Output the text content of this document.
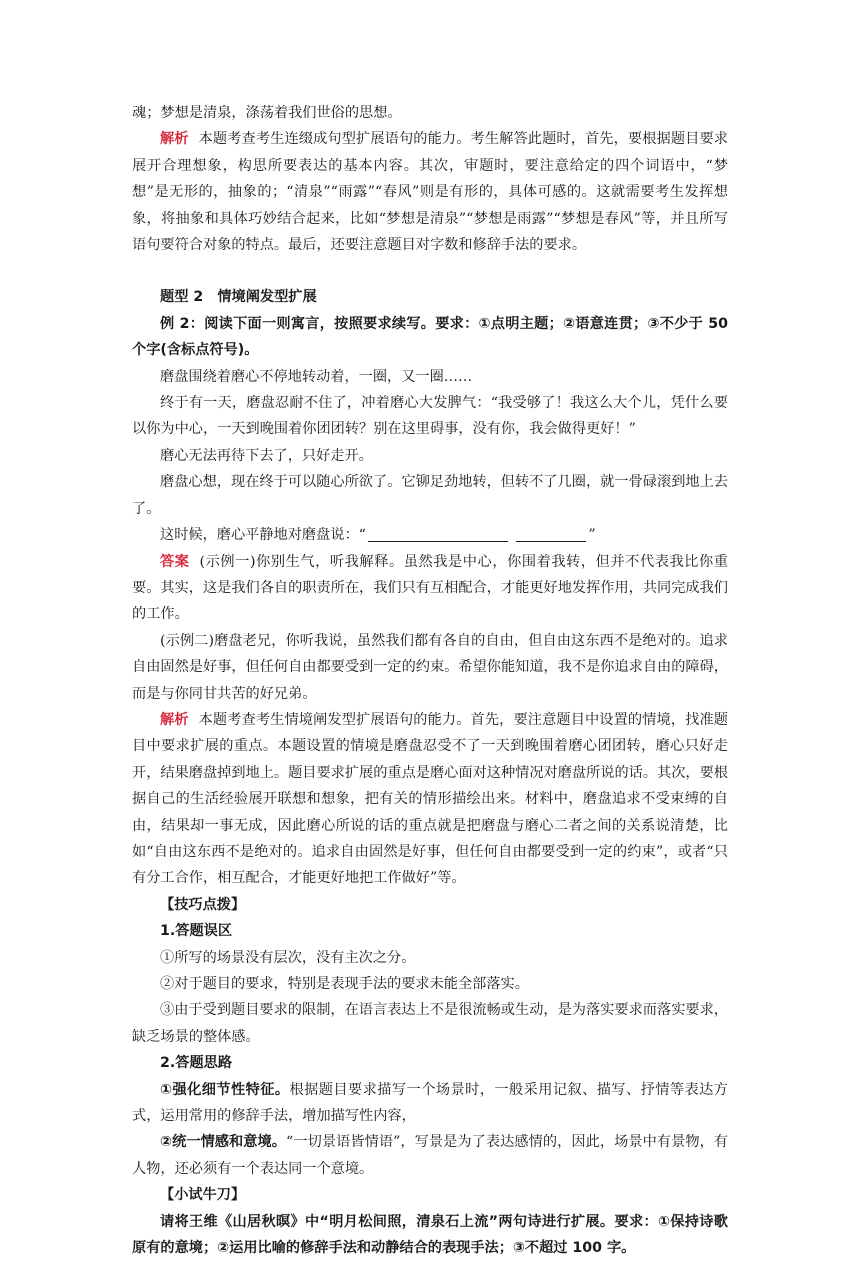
魂；梦想是清泉，涤荡着我们世俗的思想。

解析 本题考查考生连缀成句型扩展语句的能力。考生解答此题时，首先，要根据题目要求展开合理想象，构思所要表达的基本内容。其次，审题时，要注意给定的四个词语中，“梦想”是无形的，抽象的；“清泉”“雨露”“春风”则是有形的，具体可感的。这就需要考生发挥想象，将抽象和具体巧妙结合起来，比如“梦想是清泉”“梦想是雨露”“梦想是春风”等，并且所写语句要符合对象的特点。最后，还要注意题目对字数和修辞手法的要求。

题型 2　情境阐发型扩展

例 2：阅读下面一则寓言，按照要求续写。要求：①点明主题；②语意连贯；③不少于 50 个字(含标点符号)。

磨盘围绕着磨心不停地转动着，一圈，又一圈……

终于有一天，磨盘忍耐不住了，冲着磨心大发脾气：“我受够了！我这么大个儿，凭什么要以你为中心，一天到晚围着你团团转？别在这里碍事，没有你，我会做得更好！”

磨心无法再待下去了，只好走开。

磨盘心想，现在终于可以随心所欲了。它铆足劲地转，但转不了几圈，就一骨碌滚到地上去了。

这时候，磨心平静地对磨盘说：“	”

答案 (示例一)你别生气，听我解释。虽然我是中心，你围着我转，但并不代表我比你重要。其实，这是我们各自的职责所在，我们只有互相配合，才能更好地发挥作用，共同完成我们的工作。

(示例二)磨盘老兄，你听我说，虽然我们都有各自的自由，但自由这东西不是绝对的。追求自由固然是好事，但任何自由都要受到一定的约束。希望你能知道，我不是你追求自由的障碍，而是与你同甘共苦的好兄弟。

解析 本题考查考生情境阐发型扩展语句的能力。首先，要注意题目中设置的情境，找准题目中要求扩展的重点。本题设置的情境是磨盘忍受不了一天到晚围着磨心团团转，磨心只好走开，结果磨盘掉到地上。题目要求扩展的重点是磨心面对这种情况对磨盘所说的话。其次，要根据自己的生活经验展开联想和想象，把有关的情形描绘出来。材料中，磨盘追求不受束缚的自由，结果却一事无成，因此磨心所说的话的重点就是把磨盘与磨心二者之间的关系说清楚，比如“自由这东西不是绝对的。追求自由固然是好事，但任何自由都要受到一定的约束”，或者“只有分工合作，相互配合，才能更好地把工作做好”等。

【技巧点拨】

1.答题误区

①所写的场景没有层次，没有主次之分。

②对于题目的要求，特别是表现手法的要求未能全部落实。

③由于受到题目要求的限制，在语言表达上不是很流畅或生动，是为落实要求而落实要求，缺乏场景的整体感。

2.答题思路

①强化细节性特征。根据题目要求描写一个场景时，一般采用记叙、描写、抒情等表达方式，运用常用的修辞手法，增加描写性内容，

②统一情感和意境。“一切景语皆情语”，写景是为了表达感情的，因此，场景中有景物，有人物，还必须有一个表达同一个意境。

【小试牛刀】

请将王维《山居秋暝》中“明月松间照，清泉石上流”两句诗进行扩展。要求：①保持诗歌原有的意境；②运用比喻的修辞手法和动静结合的表现手法；③不超过 100 字。
